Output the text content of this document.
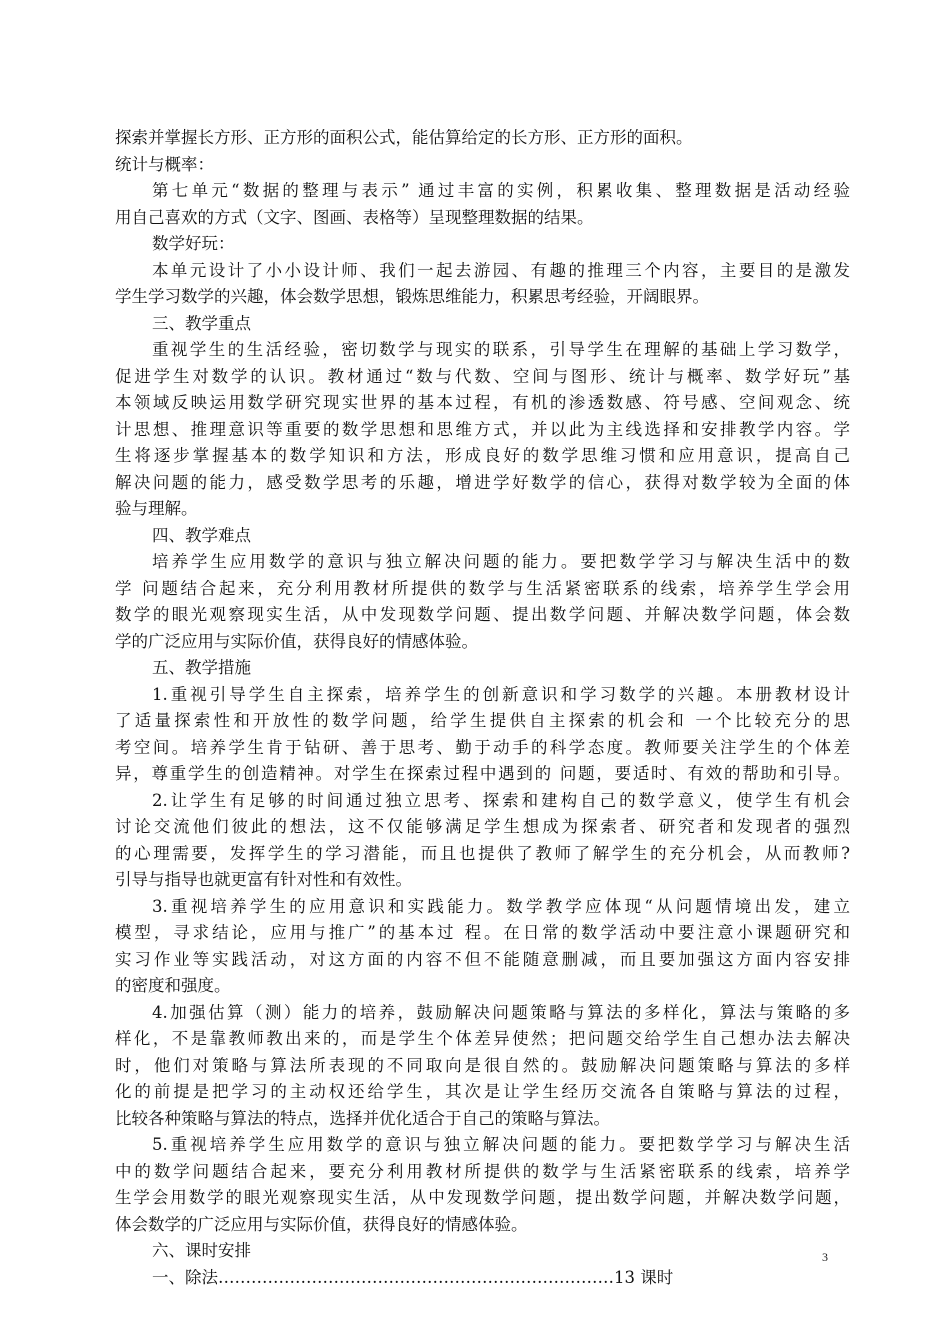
探索并掌握长方形、正方形的面积公式，能估算给定的长方形、正方形的面积。
统计与概率：
第七单元“数据的整理与表示” 通过丰富的实例，积累收集、整理数据是活动经验
用自己喜欢的方式（文字、图画、表格等）呈现整理数据的结果。
数学好玩：
本单元设计了小小设计师、我们一起去游园、有趣的推理三个内容，主要目的是激发
学生学习数学的兴趣，体会数学思想，锻炼思维能力，积累思考经验，开阔眼界。
三、教学重点
重视学生的生活经验，密切数学与现实的联系，引导学生在理解的基础上学习数学，
促进学生对数学的认识。教材通过“数与代数、空间与图形、统计与概率、数学好玩”基
本领域反映运用数学研究现实世界的基本过程，有机的渗透数感、符号感、空间观念、统
计思想、推理意识等重要的数学思想和思维方式，并以此为主线选择和安排教学内容。学
生将逐步掌握基本的数学知识和方法，形成良好的数学思维习惯和应用意识，提高自己
解决问题的能力，感受数学思考的乐趣，增进学好数学的信心，获得对数学较为全面的体
验与理解。
四、教学难点
培养学生应用数学的意识与独立解决问题的能力。要把数学学习与解决生活中的数
学 问题结合起来，充分利用教材所提供的数学与生活紧密联系的线索，培养学生学会用
数学的眼光观察现实生活，从中发现数学问题、提出数学问题、并解决数学问题，体会数
学的广泛应用与实际价值，获得良好的情感体验。
五、教学措施
1.重视引导学生自主探索，培养学生的创新意识和学习数学的兴趣。本册教材设计
了适量探索性和开放性的数学问题，给学生提供自主探索的机会和 一个比较充分的思
考空间。培养学生肯于钻研、善于思考、勤于动手的科学态度。教师要关注学生的个体差
异，尊重学生的创造精神。对学生在探索过程中遇到的 问题，要适时、有效的帮助和引导。
2.让学生有足够的时间通过独立思考、探索和建构自己的数学意义，使学生有机会
讨论交流他们彼此的想法，这不仅能够满足学生想成为探索者、研究者和发现者的强烈
的心理需要，发挥学生的学习潜能，而且也提供了教师了解学生的充分机会，从而教师?
引导与指导也就更富有针对性和有效性。
3.重视培养学生的应用意识和实践能力。数学教学应体现“从问题情境出发，建立
模型，寻求结论，应用与推广”的基本过 程。在日常的数学活动中要注意小课题研究和
实习作业等实践活动，对这方面的内容不但不能随意删减，而且要加强这方面内容安排
的密度和强度。
4.加强估算（测）能力的培养，鼓励解决问题策略与算法的多样化，算法与策略的多
样化，不是靠教师教出来的，而是学生个体差异使然；把问题交给学生自己想办法去解决
时，他们对策略与算法所表现的不同取向是很自然的。鼓励解决问题策略与算法的多样
化的前提是把学习的主动权还给学生，其次是让学生经历交流各自策略与算法的过程，
比较各种策略与算法的特点，选择并优化适合于自己的策略与算法。
5.重视培养学生应用数学的意识与独立解决问题的能力。要把数学学习与解决生活
中的数学问题结合起来，要充分利用教材所提供的数学与生活紧密联系的线索，培养学
生学会用数学的眼光观察现实生活，从中发现数学问题，提出数学问题，并解决数学问题，
体会数学的广泛应用与实际价值，获得良好的情感体验。
六、课时安排
一、除法………………………………………………………………13 课时
3
